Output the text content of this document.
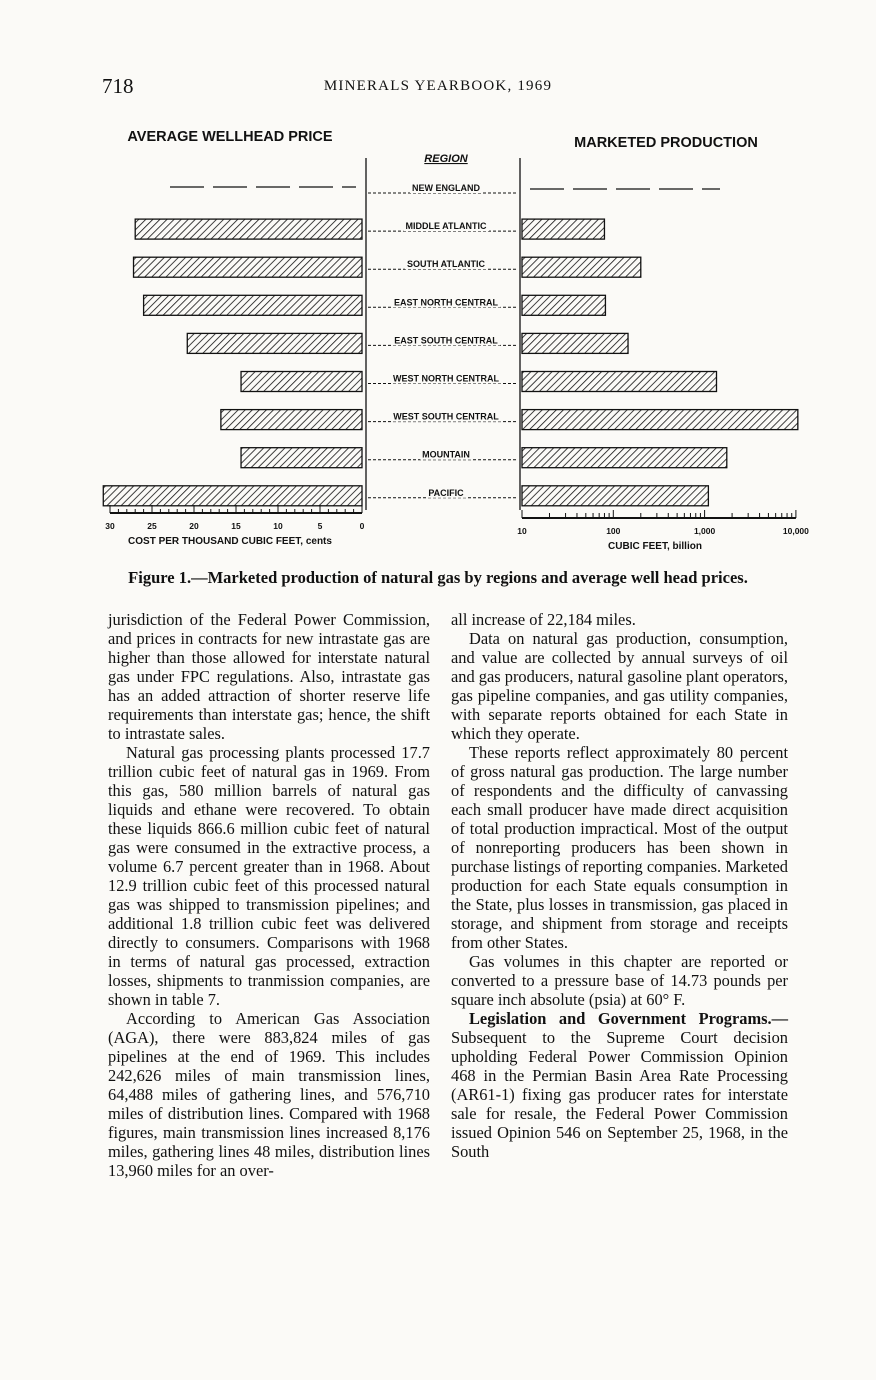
718	MINERALS YEARBOOK, 1969
AVERAGE WELLHEAD PRICE	MARKETED PRODUCTION
REGION
NEW ENGLAND
MIDDLE ATLANTIC
SOUTH ATLANTIC
EAST NORTH CENTRAL
EAST SOUTH CENTRAL
WEST NORTH CENTRAL
WEST SOUTH CENTRAL
MOUNTAIN
PACIFIC
30	25	20	15	10	5	0	10	100	1,000	10,000
COST PER THOUSAND CUBIC FEET, cents	CUBIC FEET, billion
Figure 1.—Marketed production of natural gas by regions and average well head prices.

jurisdiction of the Federal Power Commission, and prices in contracts for new intrastate gas are higher than those allowed for interstate natural gas under FPC regulations. Also, intrastate gas has an added attraction of shorter reserve life requirements than interstate gas; hence, the shift to intrastate sales.

Natural gas processing plants processed 17.7 trillion cubic feet of natural gas in 1969. From this gas, 580 million barrels of natural gas liquids and ethane were recovered. To obtain these liquids 866.6 million cubic feet of natural gas were consumed in the extractive process, a volume 6.7 percent greater than in 1968. About 12.9 trillion cubic feet of this processed natural gas was shipped to transmission pipelines; and additional 1.8 trillion cubic feet was delivered directly to consumers. Comparisons with 1968 in terms of natural gas processed, extraction losses, shipments to tranmission companies, are shown in table 7.

According to American Gas Association (AGA), there were 883,824 miles of gas pipelines at the end of 1969. This includes 242,626 miles of main transmission lines, 64,488 miles of gathering lines, and 576,710 miles of distribution lines. Compared with 1968 figures, main transmission lines increased 8,176 miles, gathering lines 48 miles, distribution lines 13,960 miles for an over-

all increase of 22,184 miles.

Data on natural gas production, consumption, and value are collected by annual surveys of oil and gas producers, natural gasoline plant operators, gas pipeline companies, and gas utility companies, with separate reports obtained for each State in which they operate.

These reports reflect approximately 80 percent of gross natural gas production. The large number of respondents and the difficulty of canvassing each small producer have made direct acquisition of total production impractical. Most of the output of nonreporting producers has been shown in purchase listings of reporting companies. Marketed production for each State equals consumption in the State, plus losses in transmission, gas placed in storage, and shipment from storage and receipts from other States.

Gas volumes in this chapter are reported or converted to a pressure base of 14.73 pounds per square inch absolute (psia) at 60° F.

Legislation and Government Programs.— Subsequent to the Supreme Court decision upholding Federal Power Commission Opinion 468 in the Permian Basin Area Rate Processing (AR61-1) fixing gas producer rates for interstate sale for resale, the Federal Power Commission issued Opinion 546 on September 25, 1968, in the South
